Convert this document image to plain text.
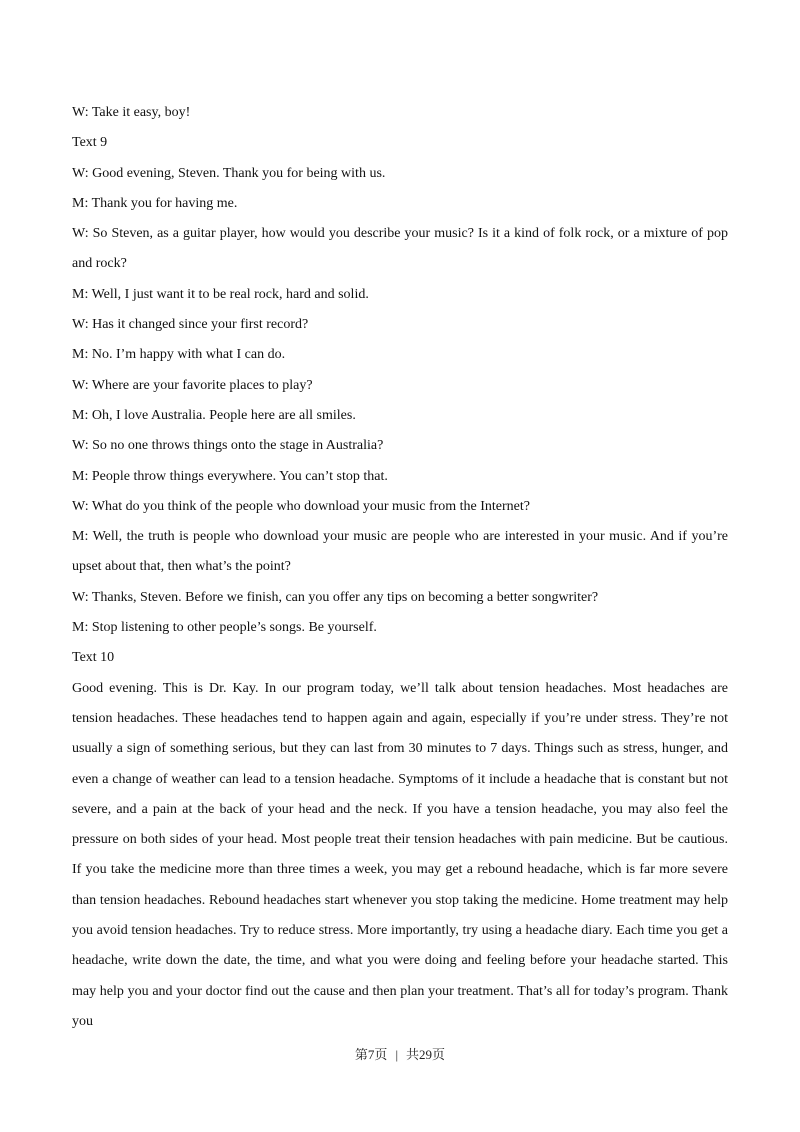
W: Take it easy, boy!

Text 9

W: Good evening, Steven. Thank you for being with us.

M: Thank you for having me.

W: So Steven, as a guitar player, how would you describe your music? Is it a kind of folk rock, or a mixture of pop and rock?

M: Well, I just want it to be real rock, hard and solid.

W: Has it changed since your first record?

M: No. I’m happy with what I can do.

W: Where are your favorite places to play?

M: Oh, I love Australia. People here are all smiles.

W: So no one throws things onto the stage in Australia?

M: People throw things everywhere. You can’t stop that.

W: What do you think of the people who download your music from the Internet?

M: Well, the truth is people who download your music are people who are interested in your music. And if you’re upset about that, then what’s the point?

W: Thanks, Steven. Before we finish, can you offer any tips on becoming a better songwriter?

M: Stop listening to other people’s songs. Be yourself.

Text 10

Good evening. This is Dr. Kay. In our program today, we’ll talk about tension headaches. Most headaches are tension headaches. These headaches tend to happen again and again, especially if you’re under stress. They’re not usually a sign of something serious, but they can last from 30 minutes to 7 days. Things such as stress, hunger, and even a change of weather can lead to a tension headache. Symptoms of it include a headache that is constant but not severe, and a pain at the back of your head and the neck. If you have a tension headache, you may also feel the pressure on both sides of your head. Most people treat their tension headaches with pain medicine. But be cautious. If you take the medicine more than three times a week, you may get a rebound headache, which is far more severe than tension headaches. Rebound headaches start whenever you stop taking the medicine. Home treatment may help you avoid tension headaches. Try to reduce stress. More importantly, try using a headache diary. Each time you get a headache, write down the date, the time, and what you were doing and feeling before your headache started. This may help you and your doctor find out the cause and then plan your treatment. That’s all for today’s program. Thank you

第7页 | 共29页
